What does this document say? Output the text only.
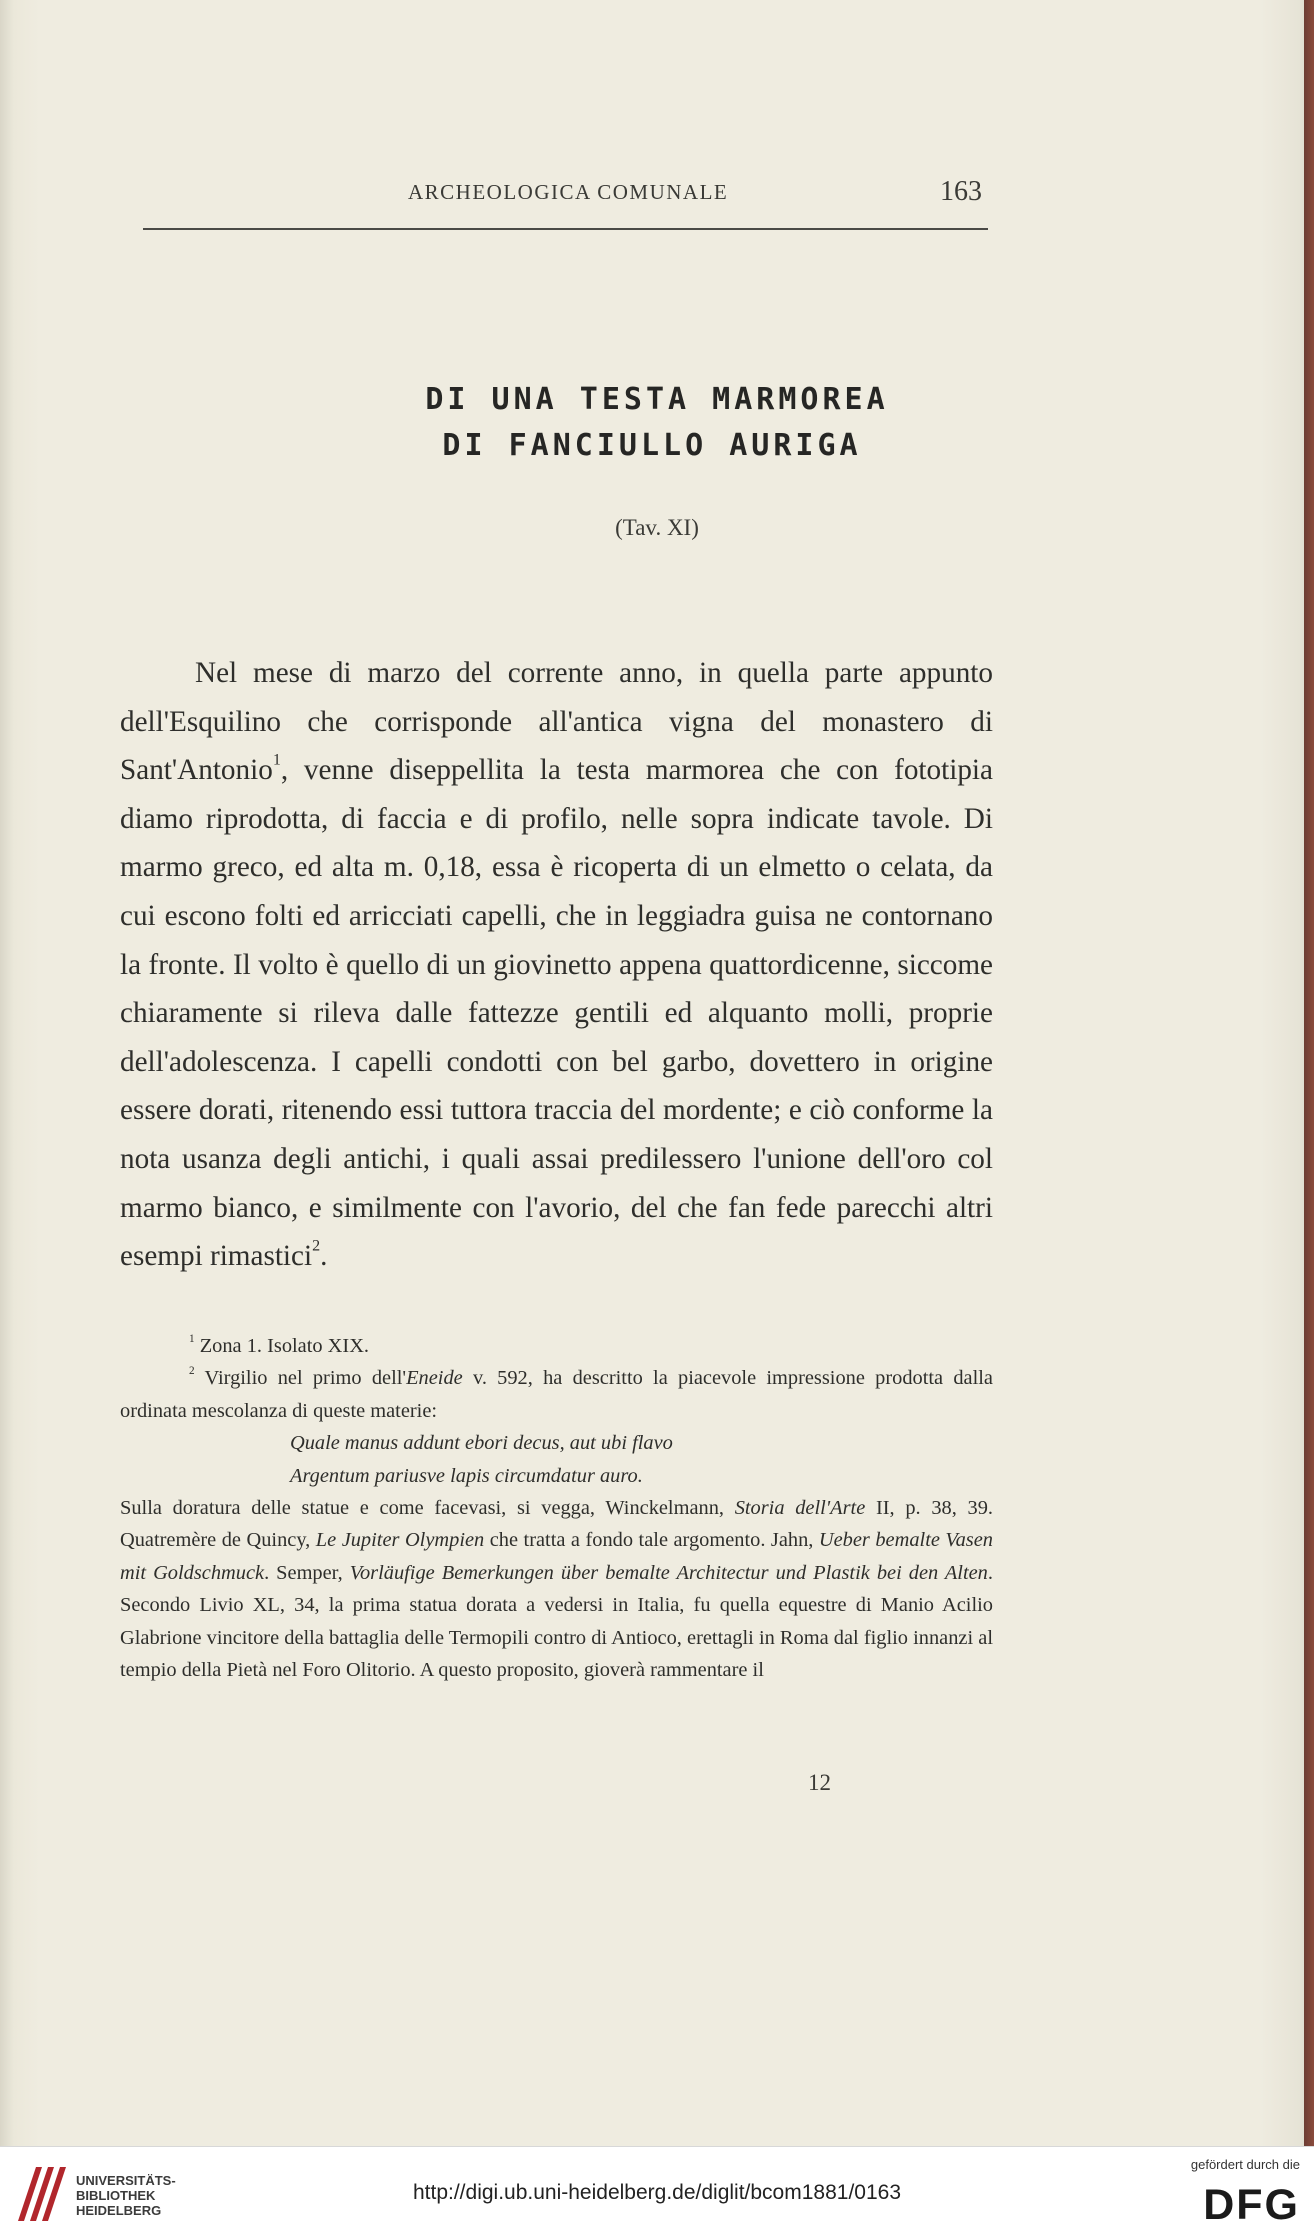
ARCHEOLOGICA COMUNALE	163
DI UNA TESTA MARMOREA
DI FANCIULLO AURIGA
(Tav. XI)

Nel mese di marzo del corrente anno, in quella parte appunto dell'Esquilino che corrisponde all'antica vigna del monastero di Sant'Antonio$^1$, venne diseppellita la testa marmorea che con fototipia diamo riprodotta, di faccia e di profilo, nelle sopra indicate tavole. Di marmo greco, ed alta m. 0,18, essa è ricoperta di un elmetto o celata, da cui escono folti ed arricciati capelli, che in leggiadra guisa ne contornano la fronte. Il volto è quello di un giovinetto appena quattordicenne, siccome chiaramente si rileva dalle fattezze gentili ed alquanto molli, proprie dell'adolescenza. I capelli condotti con bel garbo, dovettero in origine essere dorati, ritenendo essi tuttora traccia del mordente; e ciò conforme la nota usanza degli antichi, i quali assai predilessero l'unione dell'oro col marmo bianco, e similmente con l'avorio, del che fan fede parecchi altri esempi rimastici$^2$.

$^1$ Zona 1. Isolato XIX.

$^2$ Virgilio nel primo dell'Eneide v. 592, ha descritto la piacevole impressione prodotta dalla ordinata mescolanza di queste materie:

Quale manus addunt ebori decus, aut ubi flavo

Argentum pariusve lapis circumdatur auro.

Sulla doratura delle statue e come facevasi, si vegga, Winckelmann, Storia dell'Arte II, p. 38, 39. Quatremère de Quincy, Le Jupiter Olympien che tratta a fondo tale argomento. Jahn, Ueber bemalte Vasen mit Goldschmuck. Semper, Vorläufige Bemerkungen über bemalte Architectur und Plastik bei den Alten. Secondo Livio XL, 34, la prima statua dorata a vedersi in Italia, fu quella equestre di Manio Acilio Glabrione vincitore della battaglia delle Termopili contro di Antioco, erettagli in Roma dal figlio innanzi al tempio della Pietà nel Foro Olitorio. A questo proposito, gioverà rammentare il

12
UNIVERSITÄTS-
BIBLIOTHEK
HEIDELBERG
http://digi.ub.uni-heidelberg.de/diglit/bcom1881/0163
gefördert durch die
DFG
